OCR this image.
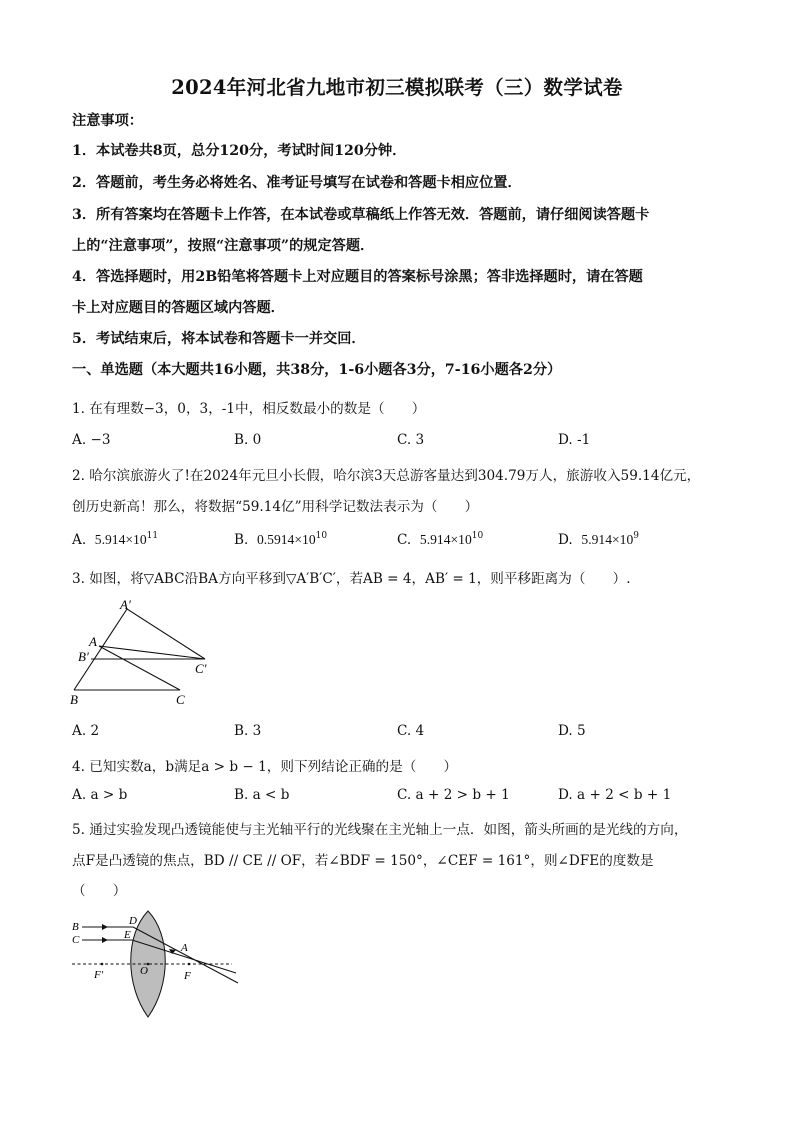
2024年河北省九地市初三模拟联考（三）数学试卷
注意事项：
1．本试卷共8页，总分120分，考试时间120分钟．
2．答题前，考生务必将姓名、准考证号填写在试卷和答题卡相应位置．
3．所有答案均在答题卡上作答，在本试卷或草稿纸上作答无效．答题前，请仔细阅读答题卡
上的“注意事项”，按照“注意事项”的规定答题．
4．答选择题时，用2B铅笔将答题卡上对应题目的答案标号涂黑；答非选择题时，请在答题
卡上对应题目的答题区域内答题．
5．考试结束后，将本试卷和答题卡一并交回．
一、单选题（本大题共16小题，共38分，1-6小题各3分，7-16小题各2分）
1. 在有理数−3，0，3，-1中，相反数最小的数是（　　）
A. −3	B. 0	C. 3	D. -1
2. 哈尔滨旅游火了!在2024年元旦小长假，哈尔滨3天总游客量达到304.79万人，旅游收入59.14亿元，
创历史新高！那么，将数据“59.14亿”用科学记数法表示为（　　）
A. $5.914\times 10^{11}$	B. $0.5914\times 10^{10}$	C. $5.914\times 10^{10}$	D. $5.914\times 10^9$
3. 如图，将▽ABC沿BA方向平移到▽A′B′C′，若AB = 4，AB′ = 1，则平移距离为（　　）.
A′
A
B′
C′
B	C
A. 2	B. 3	C. 4	D. 5
4. 已知实数a，b满足a > b − 1，则下列结论正确的是（　　）
A. a > b	B. a < b	C. a + 2 > b + 1	D. a + 2 < b + 1
5. 通过实验发现凸透镜能使与主光轴平行的光线聚在主光轴上一点．如图，箭头所画的是光线的方向，
点F是凸透镜的焦点，BD // CE // OF，若∠BDF = 150°，∠CEF = 161°，则∠DFE的度数是
（　　）
B
C
D
E
A
F′	O	F
